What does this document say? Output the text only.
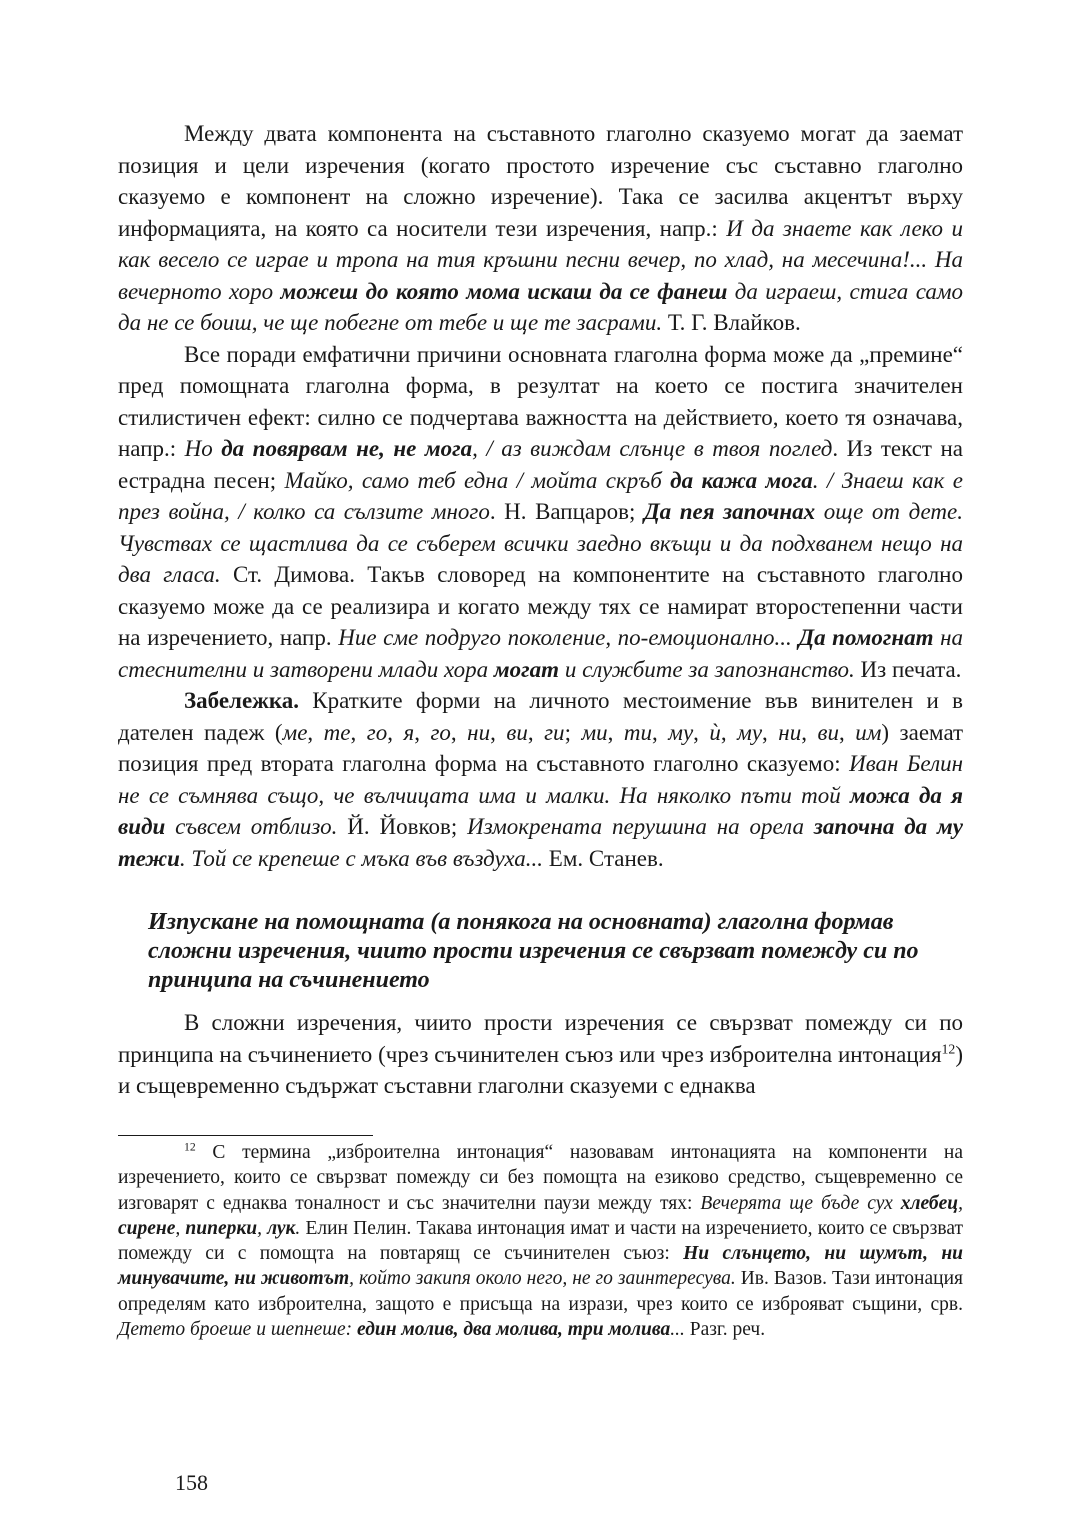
Между двата компонента на съставното глаголно сказуемо могат да заемат позиция и цели изречения (когато простото изречение със съставно глаголно сказуемо е компонент на сложно изречение). Така се засилва акцентът върху информацията, на която са носители тези изречения, напр.: И да знаете как леко и как весело се играе и тропа на тия кръшни песни вечер, по хлад, на месечина!... На вечерното хоро можеш до която мома искаш да се фанеш да играеш, стига само да не се боиш, че ще побегне от тебе и ще те засрами. Т. Г. Влайков.

Все поради емфатични причини основната глаголна форма може да „премине“ пред помощната глаголна форма, в резултат на което се постига значителен стилистичен ефект: силно се подчертава важността на действието, което тя означава, напр.: Но да повярвам не, не мога, / аз виждам слънце в твоя поглед. Из текст на естрадна песен; Майко, само теб една / мойта скръб да кажа мога. / Знаеш как е през война, / колко са сълзите много. Н. Вапцаров; Да пея започнах още от дете. Чувствах се щастлива да се съберем всички заедно вкъщи и да подхванем нещо на два гласа. Ст. Димова. Такъв словоред на компонентите на съставното глаголно сказуемо може да се реализира и когато между тях се намират второстепенни части на изречението, напр. Ние сме подруго поколение, по-емоционално... Да помогнат на стеснителни и затворени млади хора могат и службите за запознанство. Из печата.

Забележка. Кратките форми на личното местоимение във винителен и в дателен падеж (ме, те, го, я, го, ни, ви, ги; ми, ти, му, ѝ, му, ни, ви, им) заемат позиция пред втората глаголна форма на съставното глаголно сказуемо: Иван Белин не се съмнява също, че вълчицата има и малки. На няколко пъти той можа да я види съвсем отблизо. Й. Йовков; Измокрената перушина на орела започна да му тежи. Той се крепеше с мъка във въздуха... Ем. Станев.

Изпускане на помощната (а понякога на основната) глаголна формав сложни изречения, чиито прости изречения се свързват помежду си по принципа на съчинението

В сложни изречения, чиито прости изречения се свързват помежду си по принципа на съчинението (чрез съчинителен съюз или чрез изброителна интонация$^{12}$) и същевременно съдържат съставни глаголни сказуеми с еднаква

$^{12}$ С термина „изброителна интонация“ назовавам интонацията на компоненти на изречението, които се свързват помежду си без помощта на езиково средство, същевременно се изговарят с еднаква тоналност и със значителни паузи между тях: Вечерята ще бъде сух хлебец, сирене, пиперки, лук. Елин Пелин. Такава интонация имат и части на изречението, които се свързват помежду си с помощта на повтарящ се съчинителен съюз: Ни слънцето, ни шумът, ни минувачите, ни животът, който закипя около него, не го заинтересува. Ив. Вазов. Тази интонация определям като изброителна, защото е присъща на изрази, чрез които се изброяват същини, срв. Детето броеше и шепнеше: един молив, два молива, три молива... Разг. реч.

158
